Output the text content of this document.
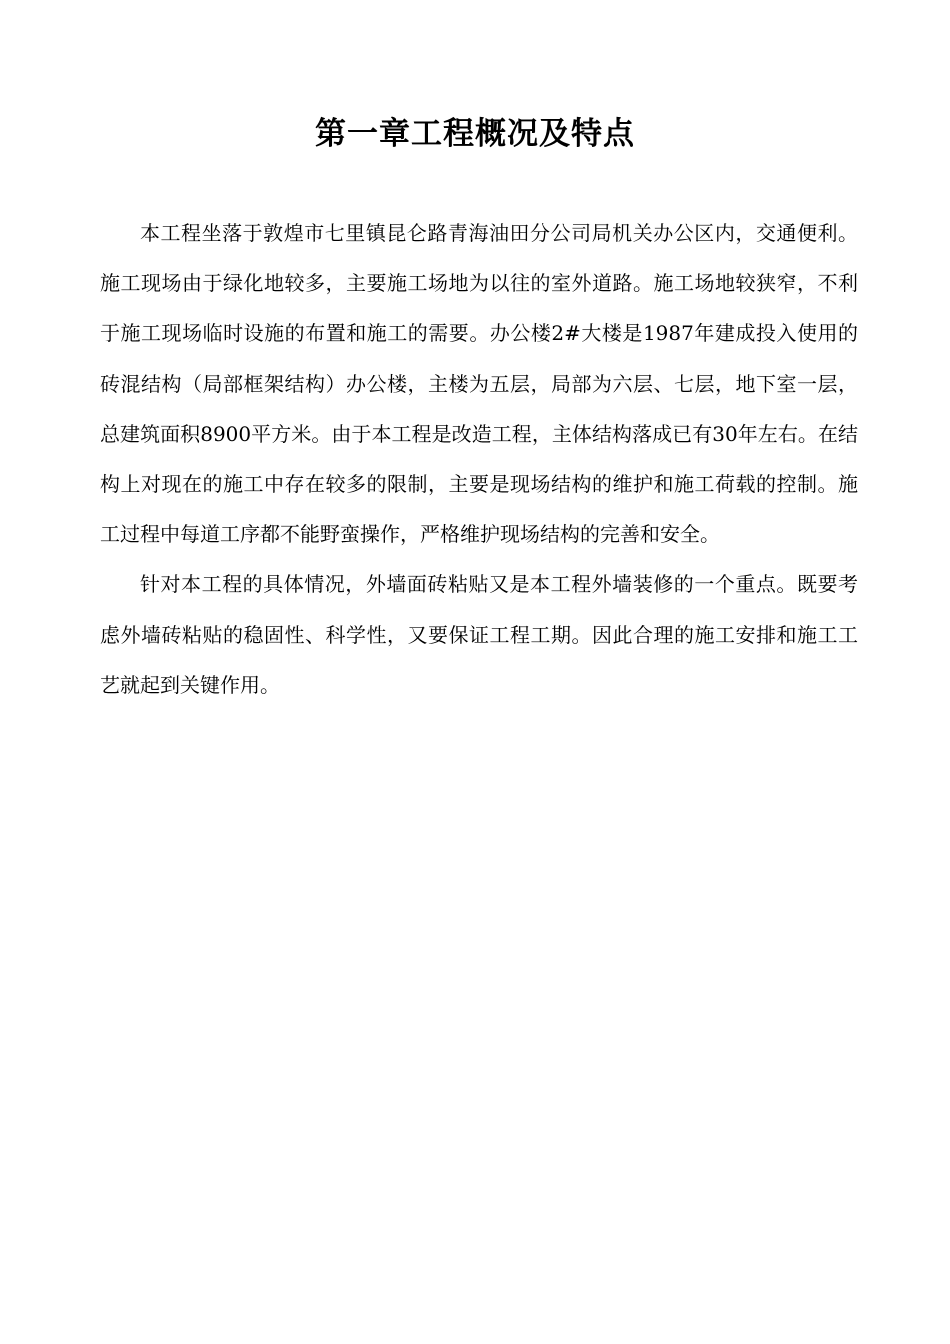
第一章工程概况及特点

本工程坐落于敦煌市七里镇昆仑路青海油田分公司局机关办公区内，交通便利。施工现场由于绿化地较多，主要施工场地为以往的室外道路。施工场地较狭窄，不利于施工现场临时设施的布置和施工的需要。办公楼2#大楼是1987年建成投入使用的砖混结构（局部框架结构）办公楼，主楼为五层，局部为六层、七层，地下室一层，总建筑面积8900平方米。由于本工程是改造工程，主体结构落成已有30年左右。在结构上对现在的施工中存在较多的限制，主要是现场结构的维护和施工荷载的控制。施工过程中每道工序都不能野蛮操作，严格维护现场结构的完善和安全。

针对本工程的具体情况，外墙面砖粘贴又是本工程外墙装修的一个重点。既要考虑外墙砖粘贴的稳固性、科学性，又要保证工程工期。因此合理的施工安排和施工工艺就起到关键作用。
